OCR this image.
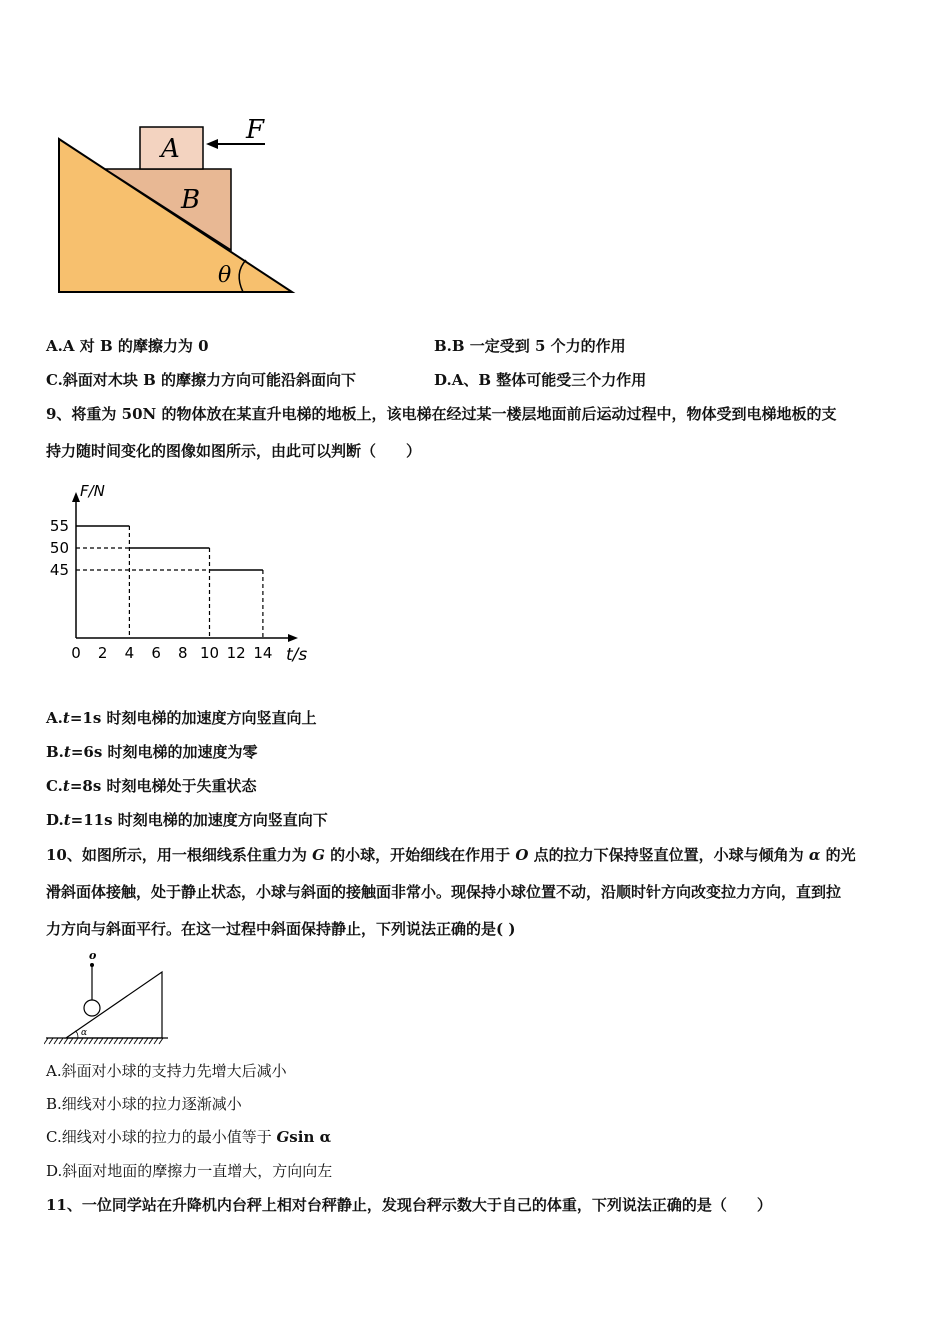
A
B
F
θ
A.A 对 B 的摩擦力为 0	B.B 一定受到 5 个力的作用
C.斜面对木块 B 的摩擦力方向可能沿斜面向下	D.A、B 整体可能受三个力作用
9、将重为 50N 的物体放在某直升电梯的地板上，该电梯在经过某一楼层地面前后运动过程中，物体受到电梯地板的支
持力随时间变化的图像如图所示，由此可以判断（　　）
F/N
t/s
0 2 4 6 8 10 12 14
55
50
45
A.t=1s 时刻电梯的加速度方向竖直向上
B.t=6s 时刻电梯的加速度为零
C.t=8s 时刻电梯处于失重状态
D.t=11s 时刻电梯的加速度方向竖直向下
10、如图所示，用一根细线系住重力为 G 的小球，开始细线在作用于 O 点的拉力下保持竖直位置，小球与倾角为 α 的光
滑斜面体接触，处于静止状态，小球与斜面的接触面非常小。现保持小球位置不动，沿顺时针方向改变拉力方向，直到拉
力方向与斜面平行。在这一过程中斜面保持静止，下列说法正确的是( )
o
α
A.斜面对小球的支持力先增大后减小
B.细线对小球的拉力逐渐减小
C.细线对小球的拉力的最小值等于 Gsin α
D.斜面对地面的摩擦力一直增大，方向向左
11、一位同学站在升降机内台秤上相对台秤静止，发现台秤示数大于自己的体重，下列说法正确的是（　　）
